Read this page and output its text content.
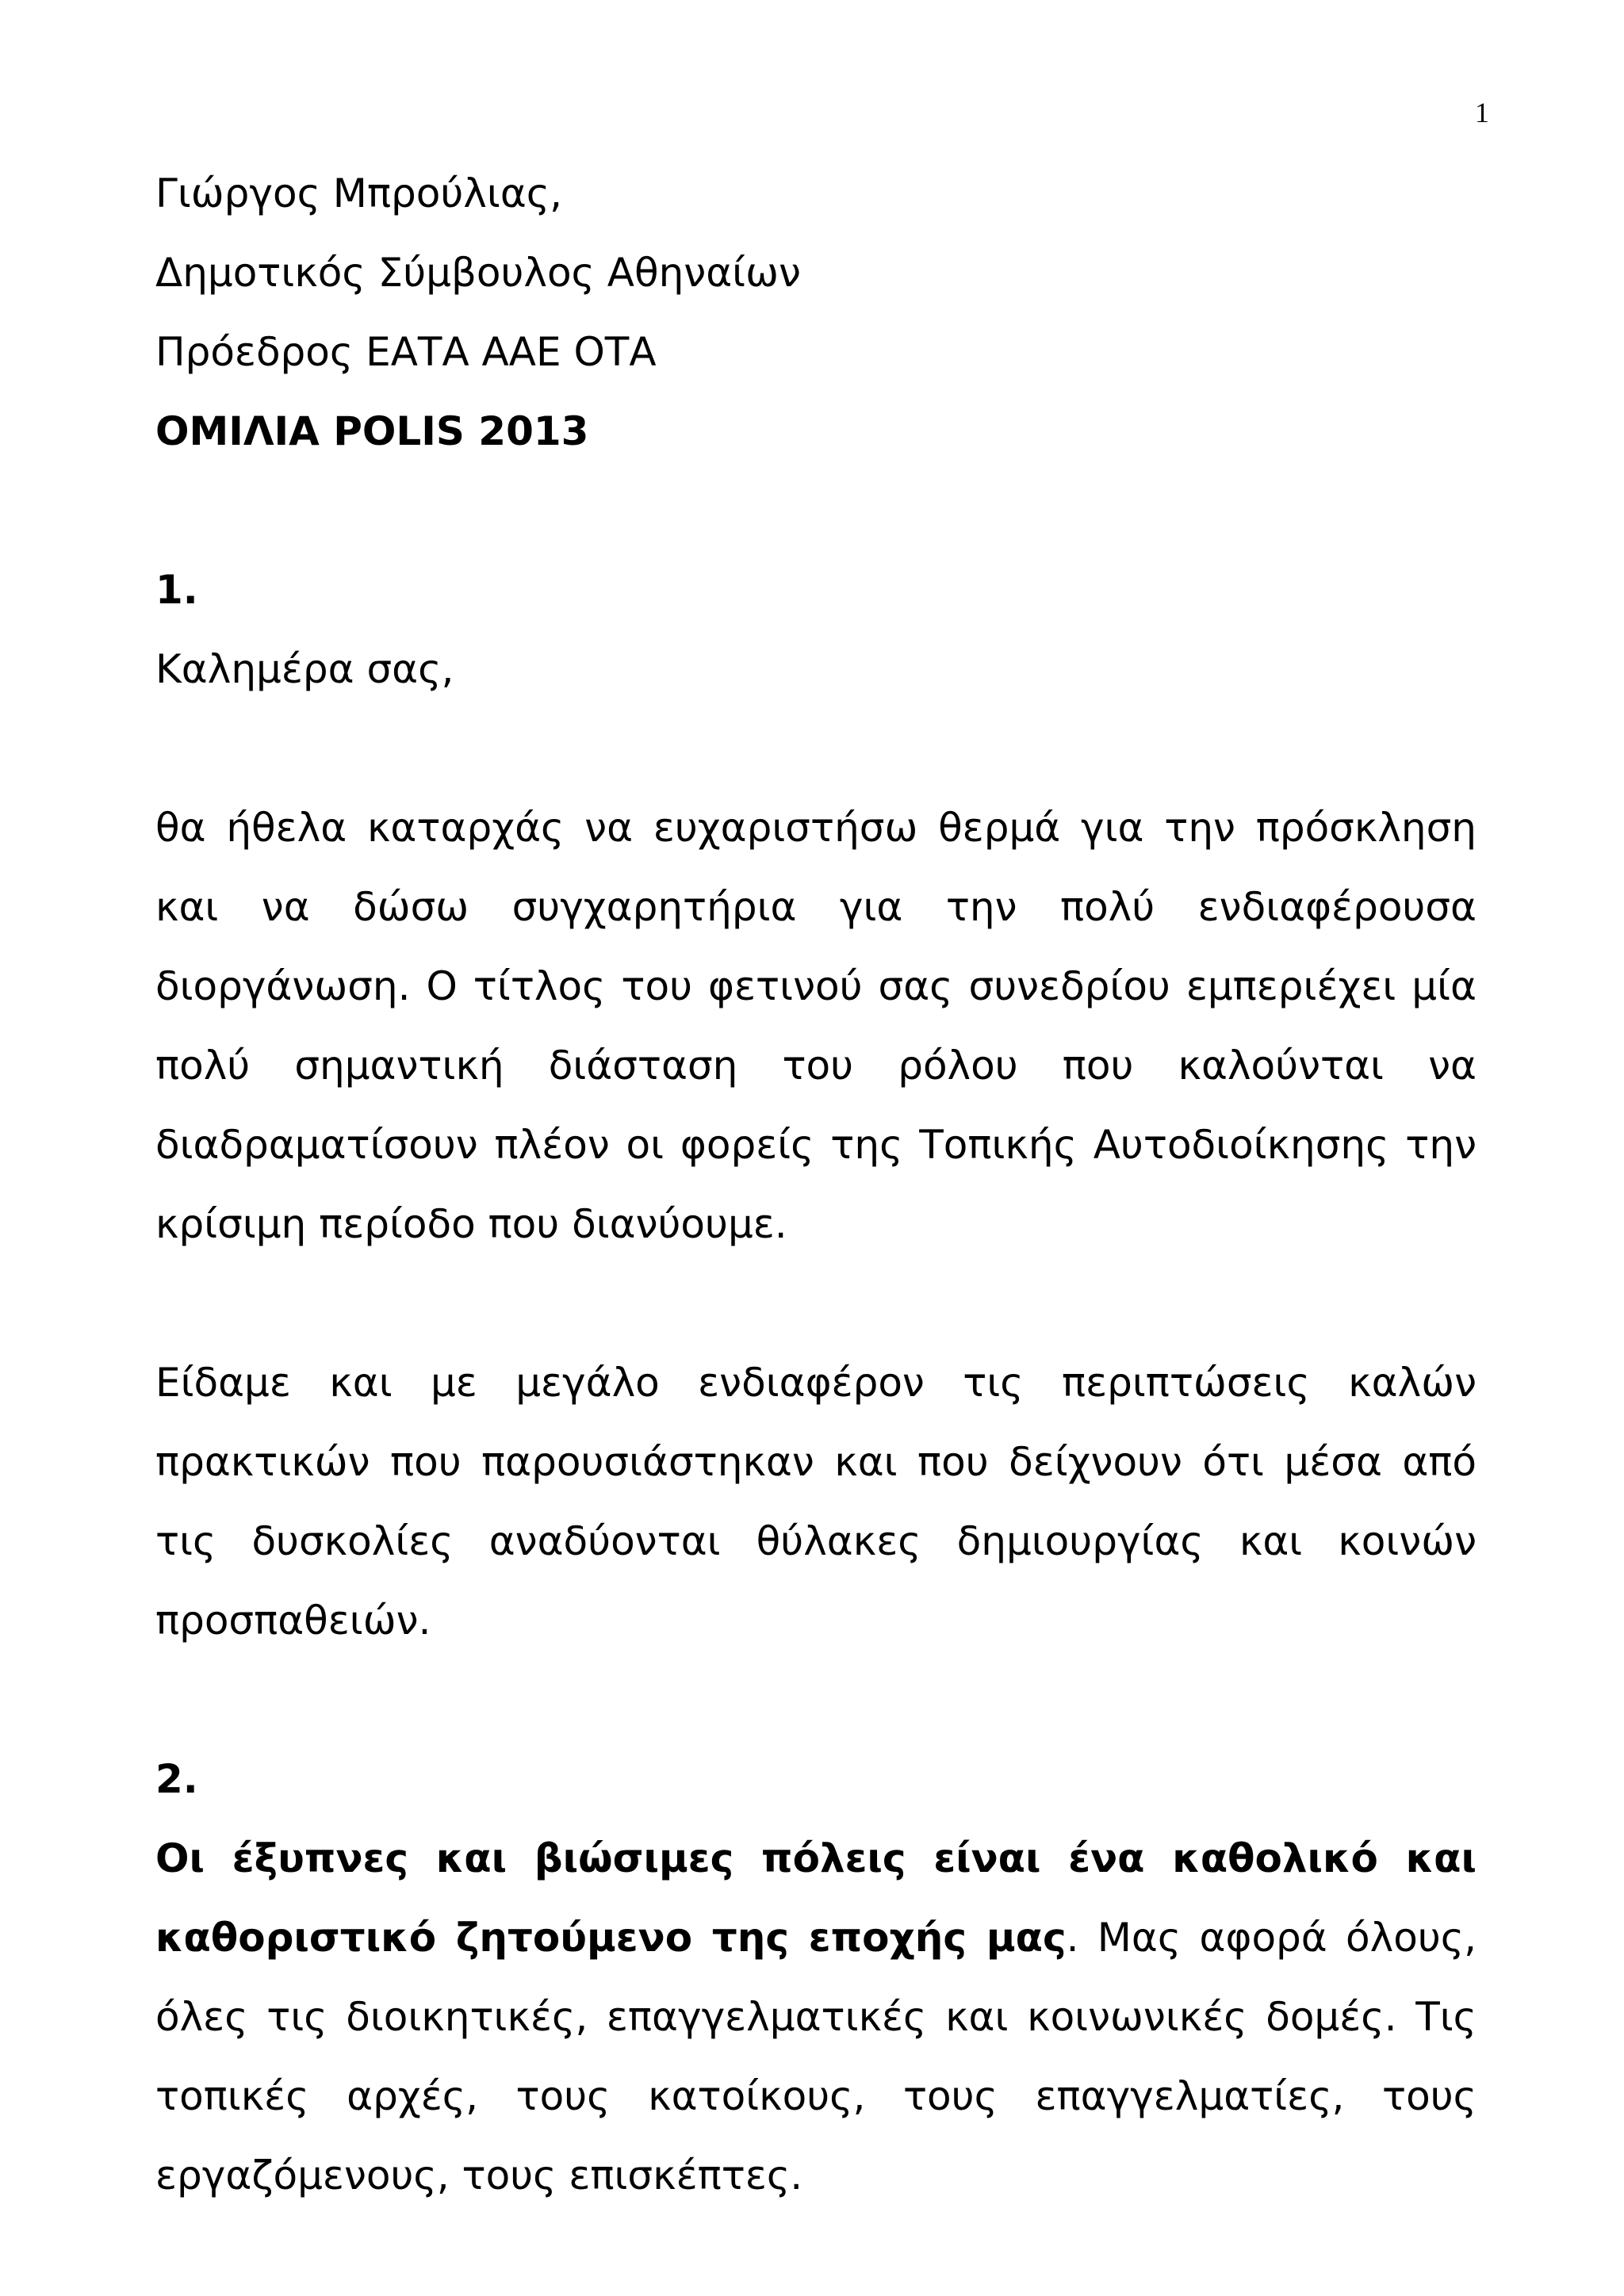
1
Γιώργος Μπρούλιας,
Δημοτικός Σύμβουλος Αθηναίων
Πρόεδρος ΕΑΤΑ ΑΑΕ ΟΤΑ
ΟΜΙΛΙΑ POLIS 2013
1.
Καλημέρα σας,
θα ήθελα καταρχάς να ευχαριστήσω θερμά για την πρόσκληση και να δώσω συγχαρητήρια για την πολύ ενδιαφέρουσα διοργάνωση. Ο τίτλος του φετινού σας συνεδρίου εμπεριέχει μία πολύ σημαντική διάσταση του ρόλου που καλούνται να διαδραματίσουν πλέον οι φορείς της Τοπικής Αυτοδιοίκησης την κρίσιμη περίοδο που διανύουμε.
Είδαμε και με μεγάλο ενδιαφέρον τις περιπτώσεις καλών πρακτικών που παρουσιάστηκαν και που δείχνουν ότι μέσα από τις δυσκολίες αναδύονται θύλακες δημιουργίας και κοινών προσπαθειών.
2.
Οι έξυπνες και βιώσιμες πόλεις είναι ένα καθολικό και καθοριστικό ζητούμενο της εποχής μας. Μας αφορά όλους, όλες τις διοικητικές, επαγγελματικές και κοινωνικές δομές. Τις τοπικές αρχές, τους κατοίκους, τους επαγγελματίες, τους εργαζόμενους, τους επισκέπτες.
